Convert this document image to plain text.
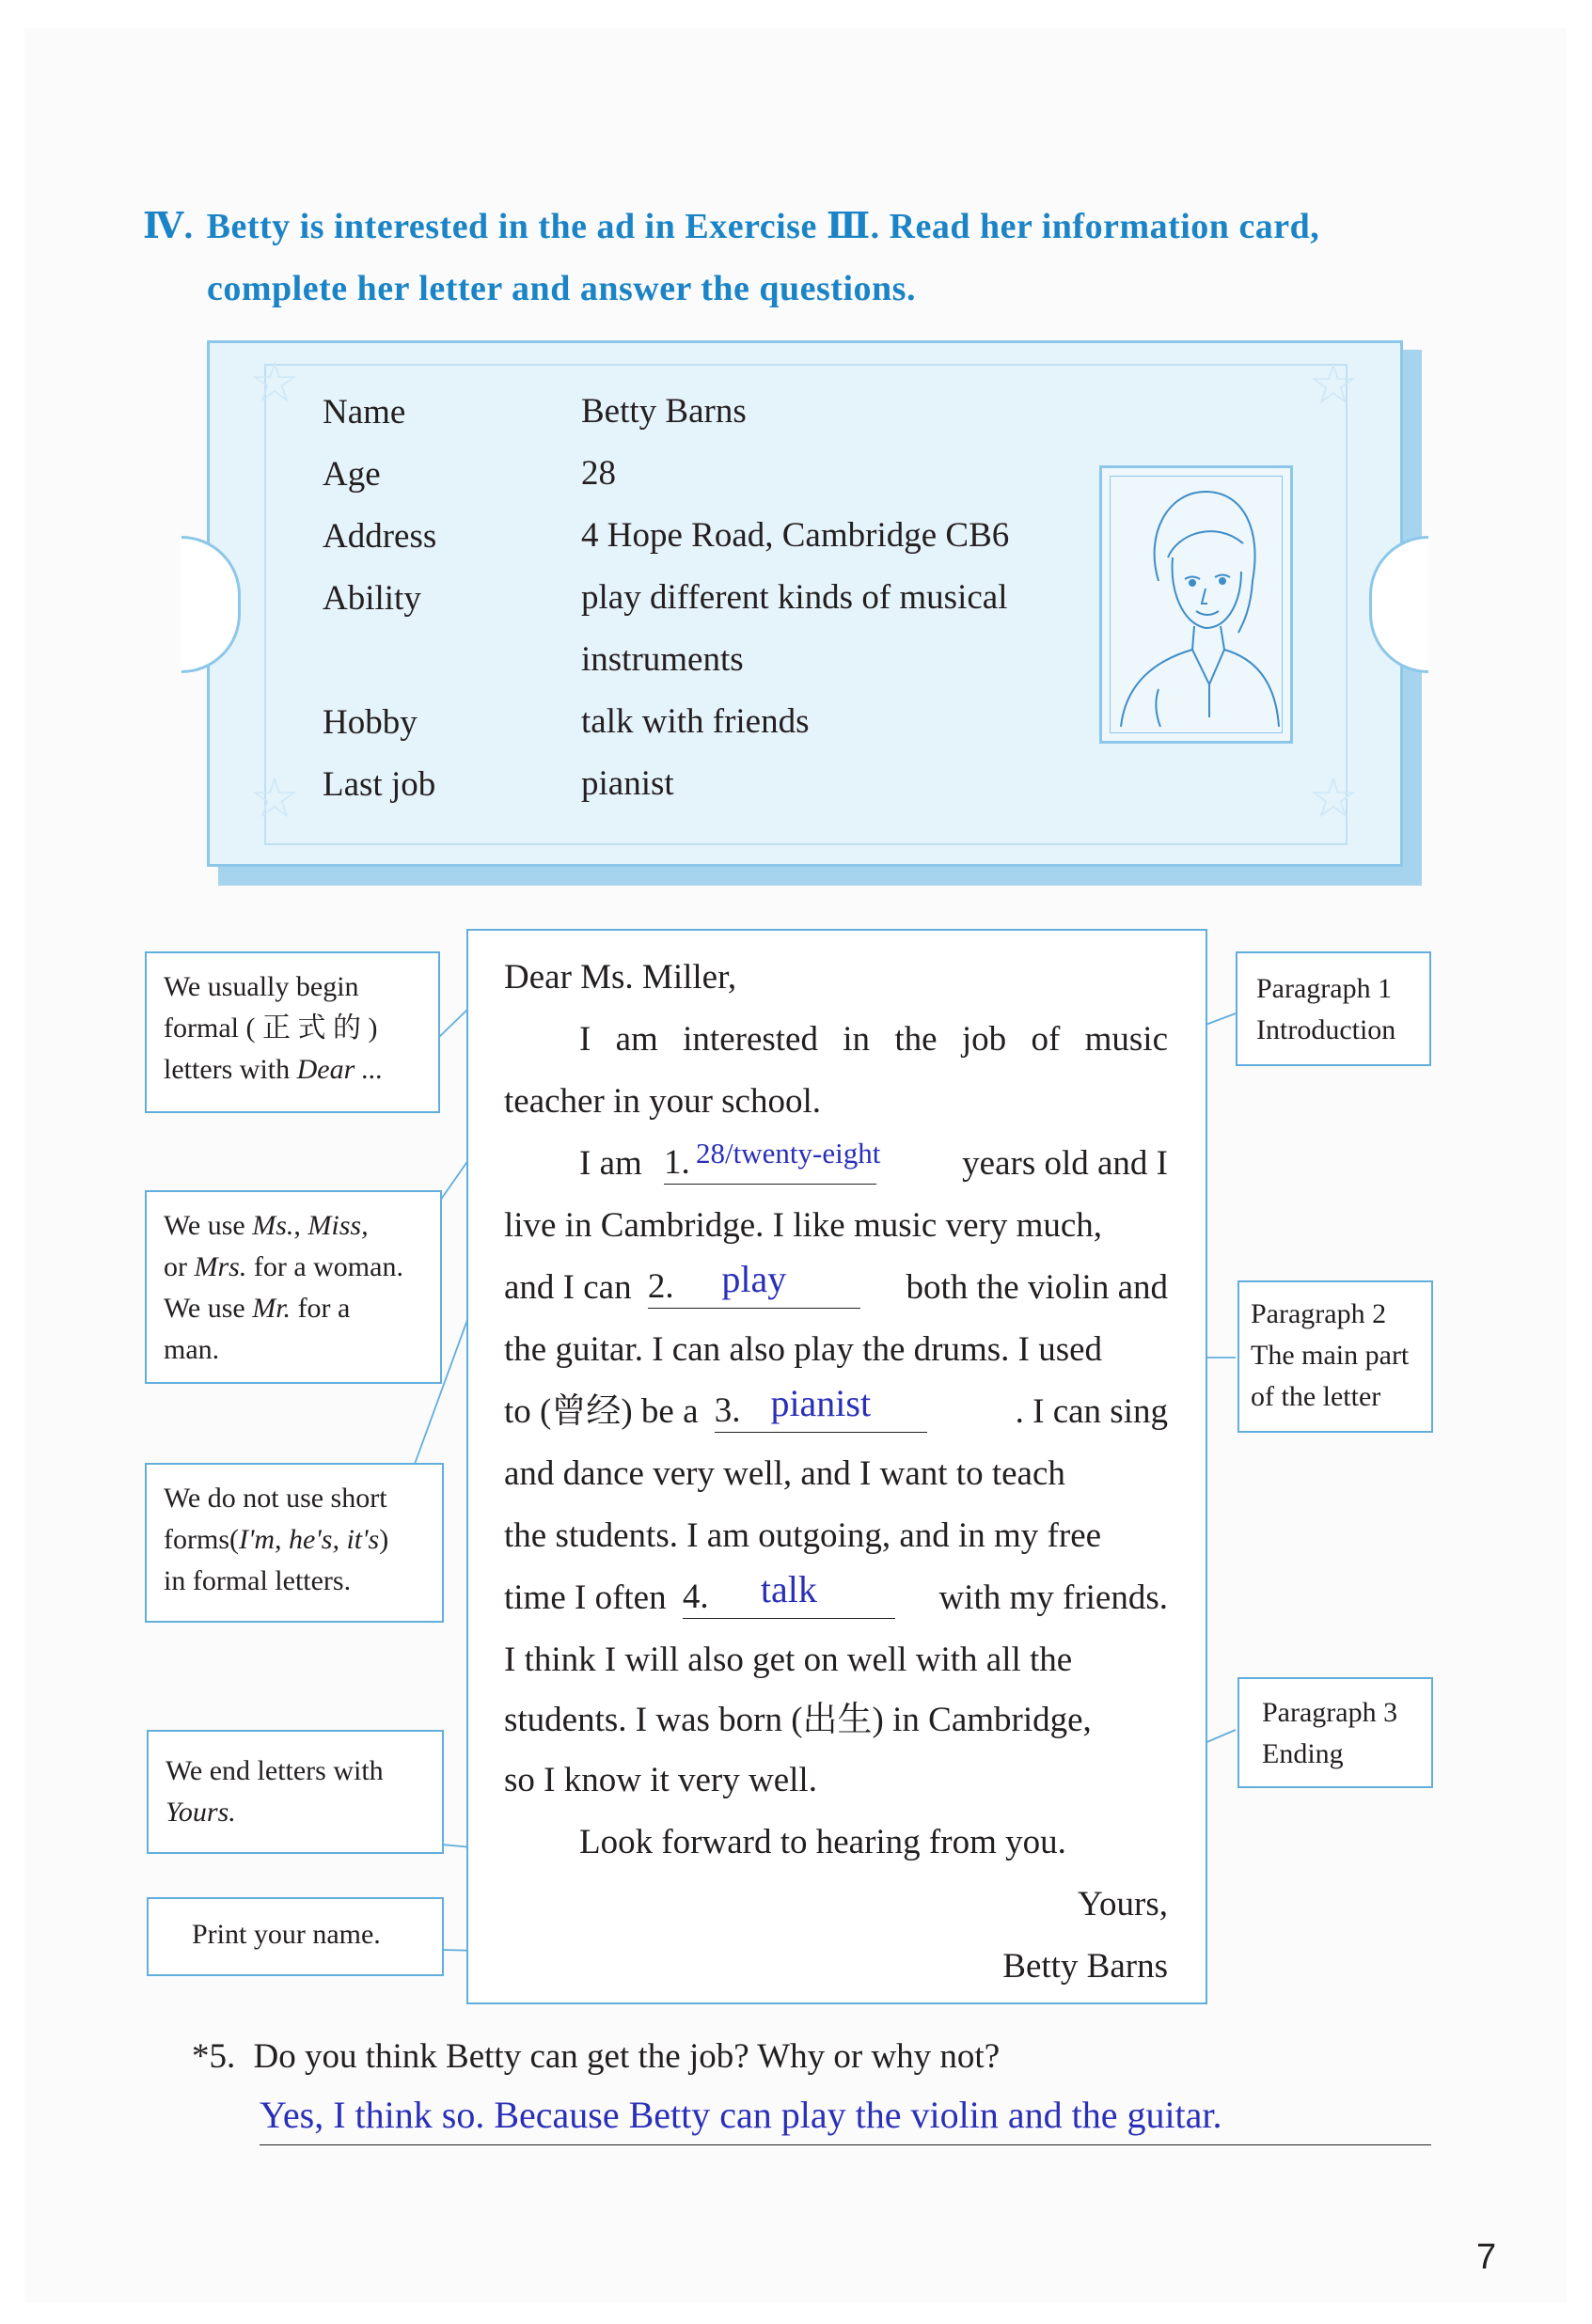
Ⅳ. Betty is interested in the ad in Exercise Ⅲ. Read her information card,
complete her letter and answer the questions.
☆	☆
☆	☆
Name	Betty Barns
Age	28
Address	4 Hope Road, Cambridge CB6
Ability	play different kinds of musical instruments
Hobby	talk with friends
Last job	pianist
We usually begin
formal ( 正 式 的 )
letters with Dear ...
We use Ms., Miss,
or Mrs. for a woman.
We use Mr. for a
man.
We do not use short
forms(I'm, he's, it's)
in formal letters.
We end letters with
Yours.
Print your name.
Paragraph 1
Introduction
Paragraph 2
The main part
of the letter
Paragraph 3
Ending
Dear Ms. Miller,
I am interested in the job of music
teacher in your school.
I am 1. 28/twenty-eight years old and I
live in Cambridge. I like music very much,
and I can 2.	play	both the violin and
the guitar. I can also play the drums. I used
to (曾经) be a 3. pianist	. I can sing
and dance very well, and I want to teach
the students. I am outgoing, and in my free
time I often 4.	talk	with my friends.
I think I will also get on well with all the
students. I was born (出生) in Cambridge,
so I know it very well.
Look forward to hearing from you.
Yours,
Betty Barns
*5. Do you think Betty can get the job? Why or why not?
Yes, I think so. Because Betty can play the violin and the guitar.
7
